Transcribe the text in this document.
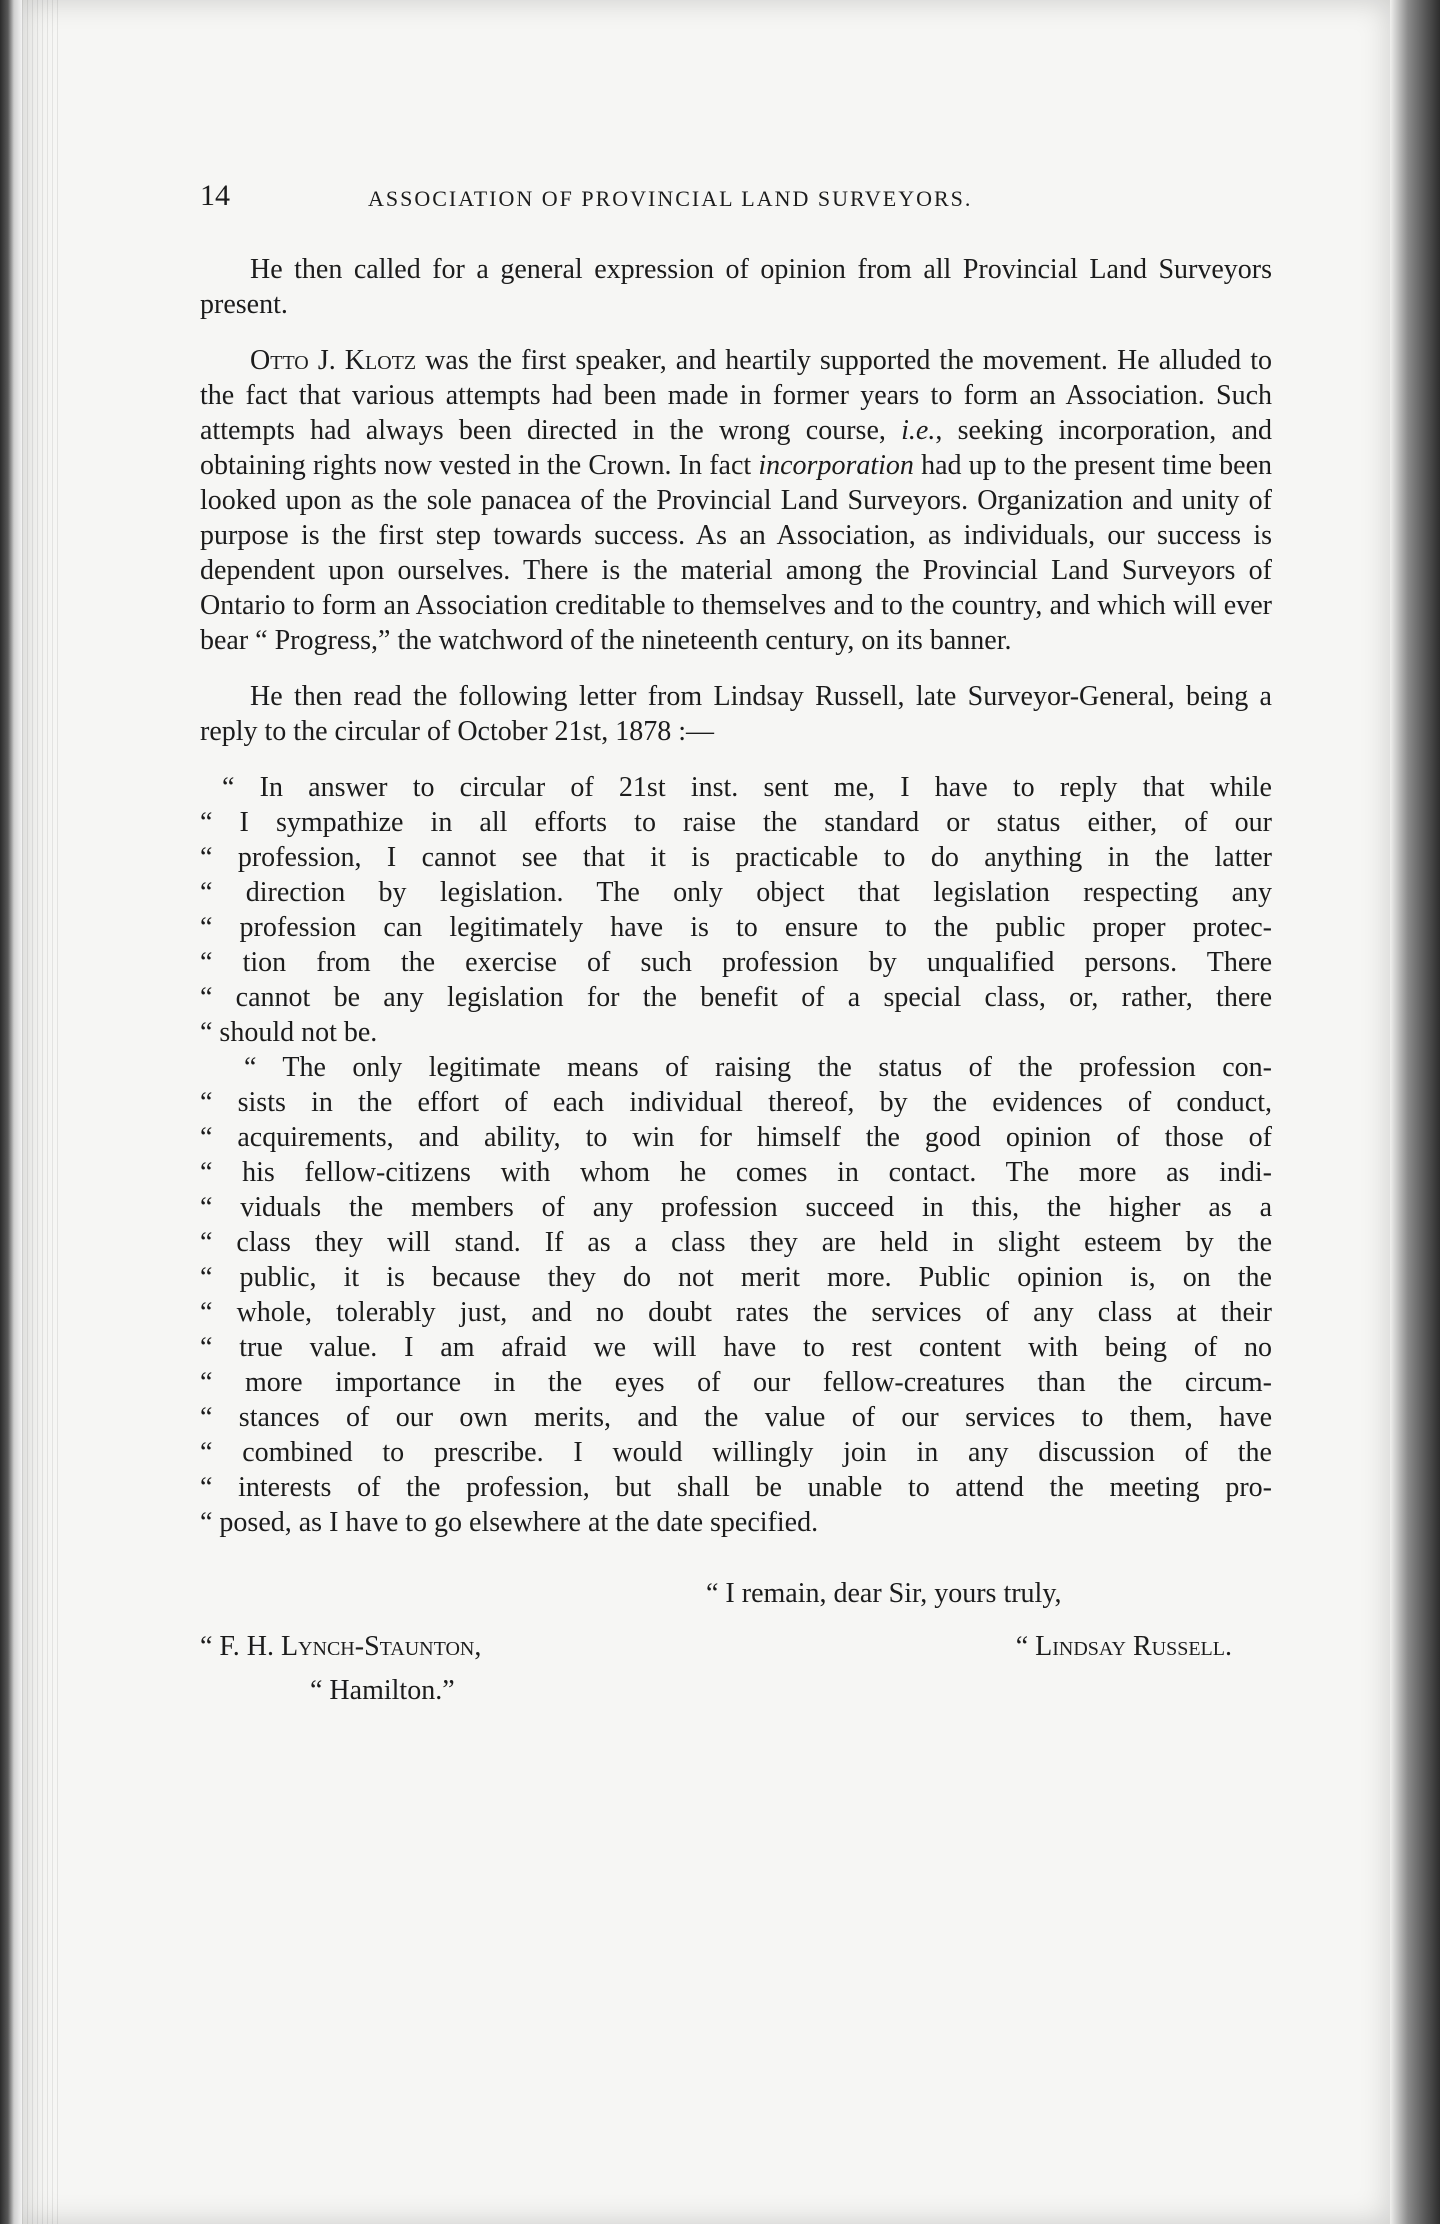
14	ASSOCIATION OF PROVINCIAL LAND SURVEYORS.

He then called for a general expression of opinion from all Provincial Land Surveyors present.

Otto J. Klotz was the first speaker, and heartily supported the movement. He alluded to the fact that various attempts had been made in former years to form an Association. Such attempts had always been directed in the wrong course, i.e., seeking incorporation, and obtaining rights now vested in the Crown. In fact incorporation had up to the present time been looked upon as the sole panacea of the Provincial Land Surveyors. Organization and unity of purpose is the first step towards success. As an Association, as individuals, our success is dependent upon ourselves. There is the material among the Provincial Land Surveyors of Ontario to form an Association creditable to themselves and to the country, and which will ever bear “ Progress,” the watchword of the nineteenth century, on its banner.

He then read the following letter from Lindsay Russell, late Surveyor-General, being a reply to the circular of October 21st, 1878 :—

“ In answer to circular of 21st inst. sent me, I have to reply that while
“ I sympathize in all efforts to raise the standard or status either, of our
“ profession, I cannot see that it is practicable to do anything in the latter
“ direction by legislation. The only object that legislation respecting any
“ profession can legitimately have is to ensure to the public proper protec-
“ tion from the exercise of such profession by unqualified persons. There
“ cannot be any legislation for the benefit of a special class, or, rather, there
“ should not be.
“ The only legitimate means of raising the status of the profession con-
“ sists in the effort of each individual thereof, by the evidences of conduct,
“ acquirements, and ability, to win for himself the good opinion of those of
“ his fellow-citizens with whom he comes in contact. The more as indi-
“ viduals the members of any profession succeed in this, the higher as a
“ class they will stand. If as a class they are held in slight esteem by the
“ public, it is because they do not merit more. Public opinion is, on the
“ whole, tolerably just, and no doubt rates the services of any class at their
“ true value. I am afraid we will have to rest content with being of no
“ more importance in the eyes of our fellow-creatures than the circum-
“ stances of our own merits, and the value of our services to them, have
“ combined to prescribe. I would willingly join in any discussion of the
“ interests of the profession, but shall be unable to attend the meeting pro-
“ posed, as I have to go elsewhere at the date specified.
“ I remain, dear Sir, yours truly,
“ F. H. Lynch-Staunton,
“ Hamilton.”
“ Lindsay Russell.
